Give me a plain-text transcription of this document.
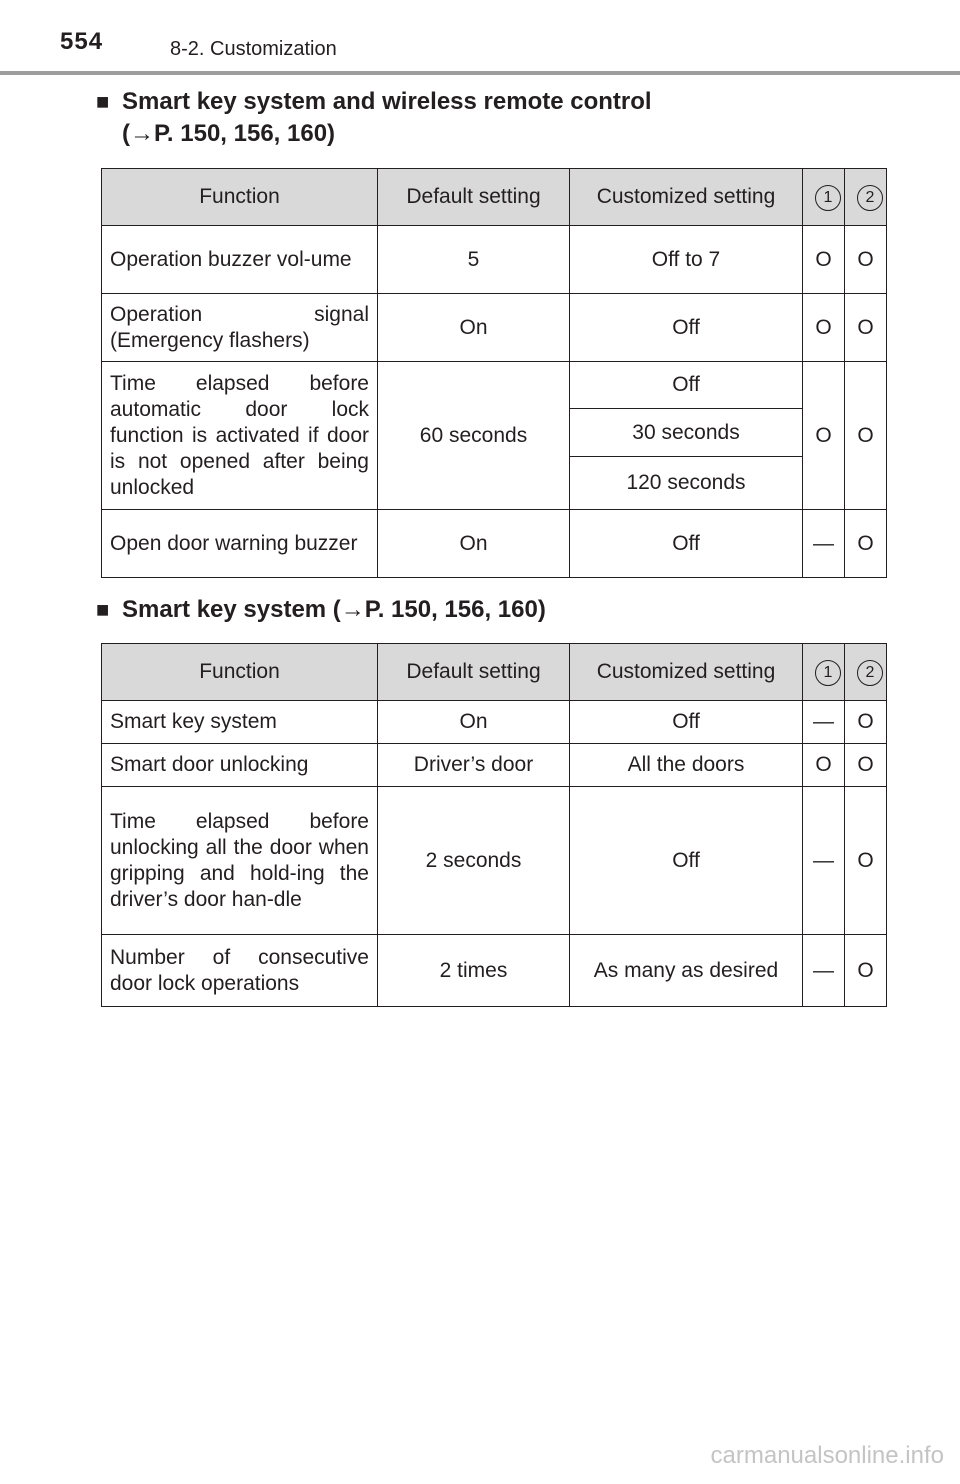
554	8-2. Customization
■ Smart key system and wireless remote control
(→P. 150, 156, 160)
Function	Default setting	Customized setting	1	2
Operation buzzer vol-ume	5	Off to 7	O	O
Operation signal (Emergency flashers)	On	Off	O	O
Time elapsed before automatic door lock function is activated if door is not opened after being unlocked	60 seconds	Off	O	O
		30 seconds		
		120 seconds		
Open door warning buzzer	On	Off	—	O
■ Smart key system (→P. 150, 156, 160)
Function	Default setting	Customized setting	1	2
Smart key system	On	Off	—	O
Smart door unlocking	Driver’s door	All the doors	O	O
Time elapsed before unlocking all the door when gripping and hold-ing the driver’s door han-dle	2 seconds	Off	—	O
Number of consecutive door lock operations	2 times	As many as desired	—	O
carmanualsonline.info
